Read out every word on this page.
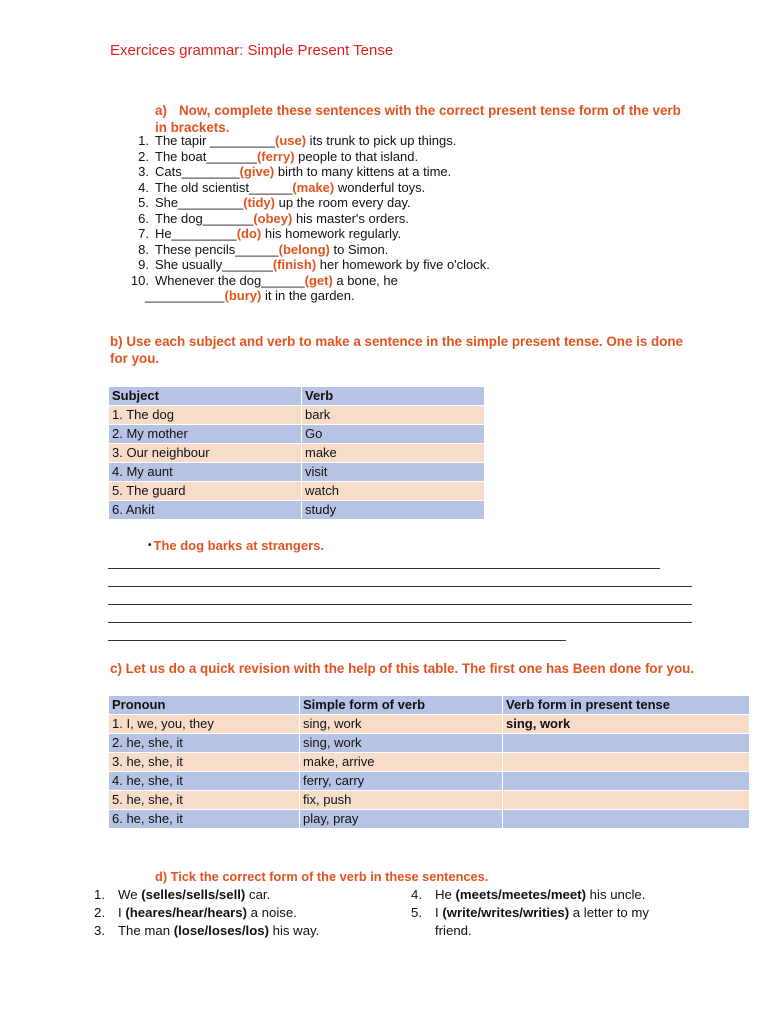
Exercices grammar: Simple Present Tense
a) Now, complete these sentences with the correct present tense form of the verb in brackets.
1. The tapir _________(use) its trunk to pick up things.
2. The boat_______(ferry) people to that island.
3. Cats________(give) birth to many kittens at a time.
4. The old scientist______(make) wonderful toys.
5. She_________(tidy) up the room every day.
6. The dog_______(obey) his master's orders.
7. He_________(do) his homework regularly.
8. These pencils______(belong) to Simon.
9. She usually_______(finish) her homework by five o'clock.
10. Whenever the dog______(get) a bone, he
___________(bury) it in the garden.
b) Use each subject and verb to make a sentence in the simple present tense. One is done for you.
Subject	Verb
1. The dog	bark
2. My mother	Go
3. Our neighbour	make
4. My aunt	visit
5. The guard	watch
6. Ankit	study
• The dog barks at strangers.
c) Let us do a quick revision with the help of this table. The first one has Been done for you.
Pronoun	Simple form of verb	Verb form in present tense
1. I, we, you, they	sing, work	sing, work
2. he, she, it	sing, work	
3. he, she, it	make, arrive	
4. he, she, it	ferry, carry	
5. he, she, it	fix, push	
6. he, she, it	play, pray	
d) Tick the correct form of the verb in these sentences.
1. We (selles/sells/sell) car.
2. I (heares/hear/hears) a noise.
3. The man (lose/loses/los) his way.
4. He (meets/meetes/meet) his uncle.
5. I (write/writes/writies) a letter to my friend.
